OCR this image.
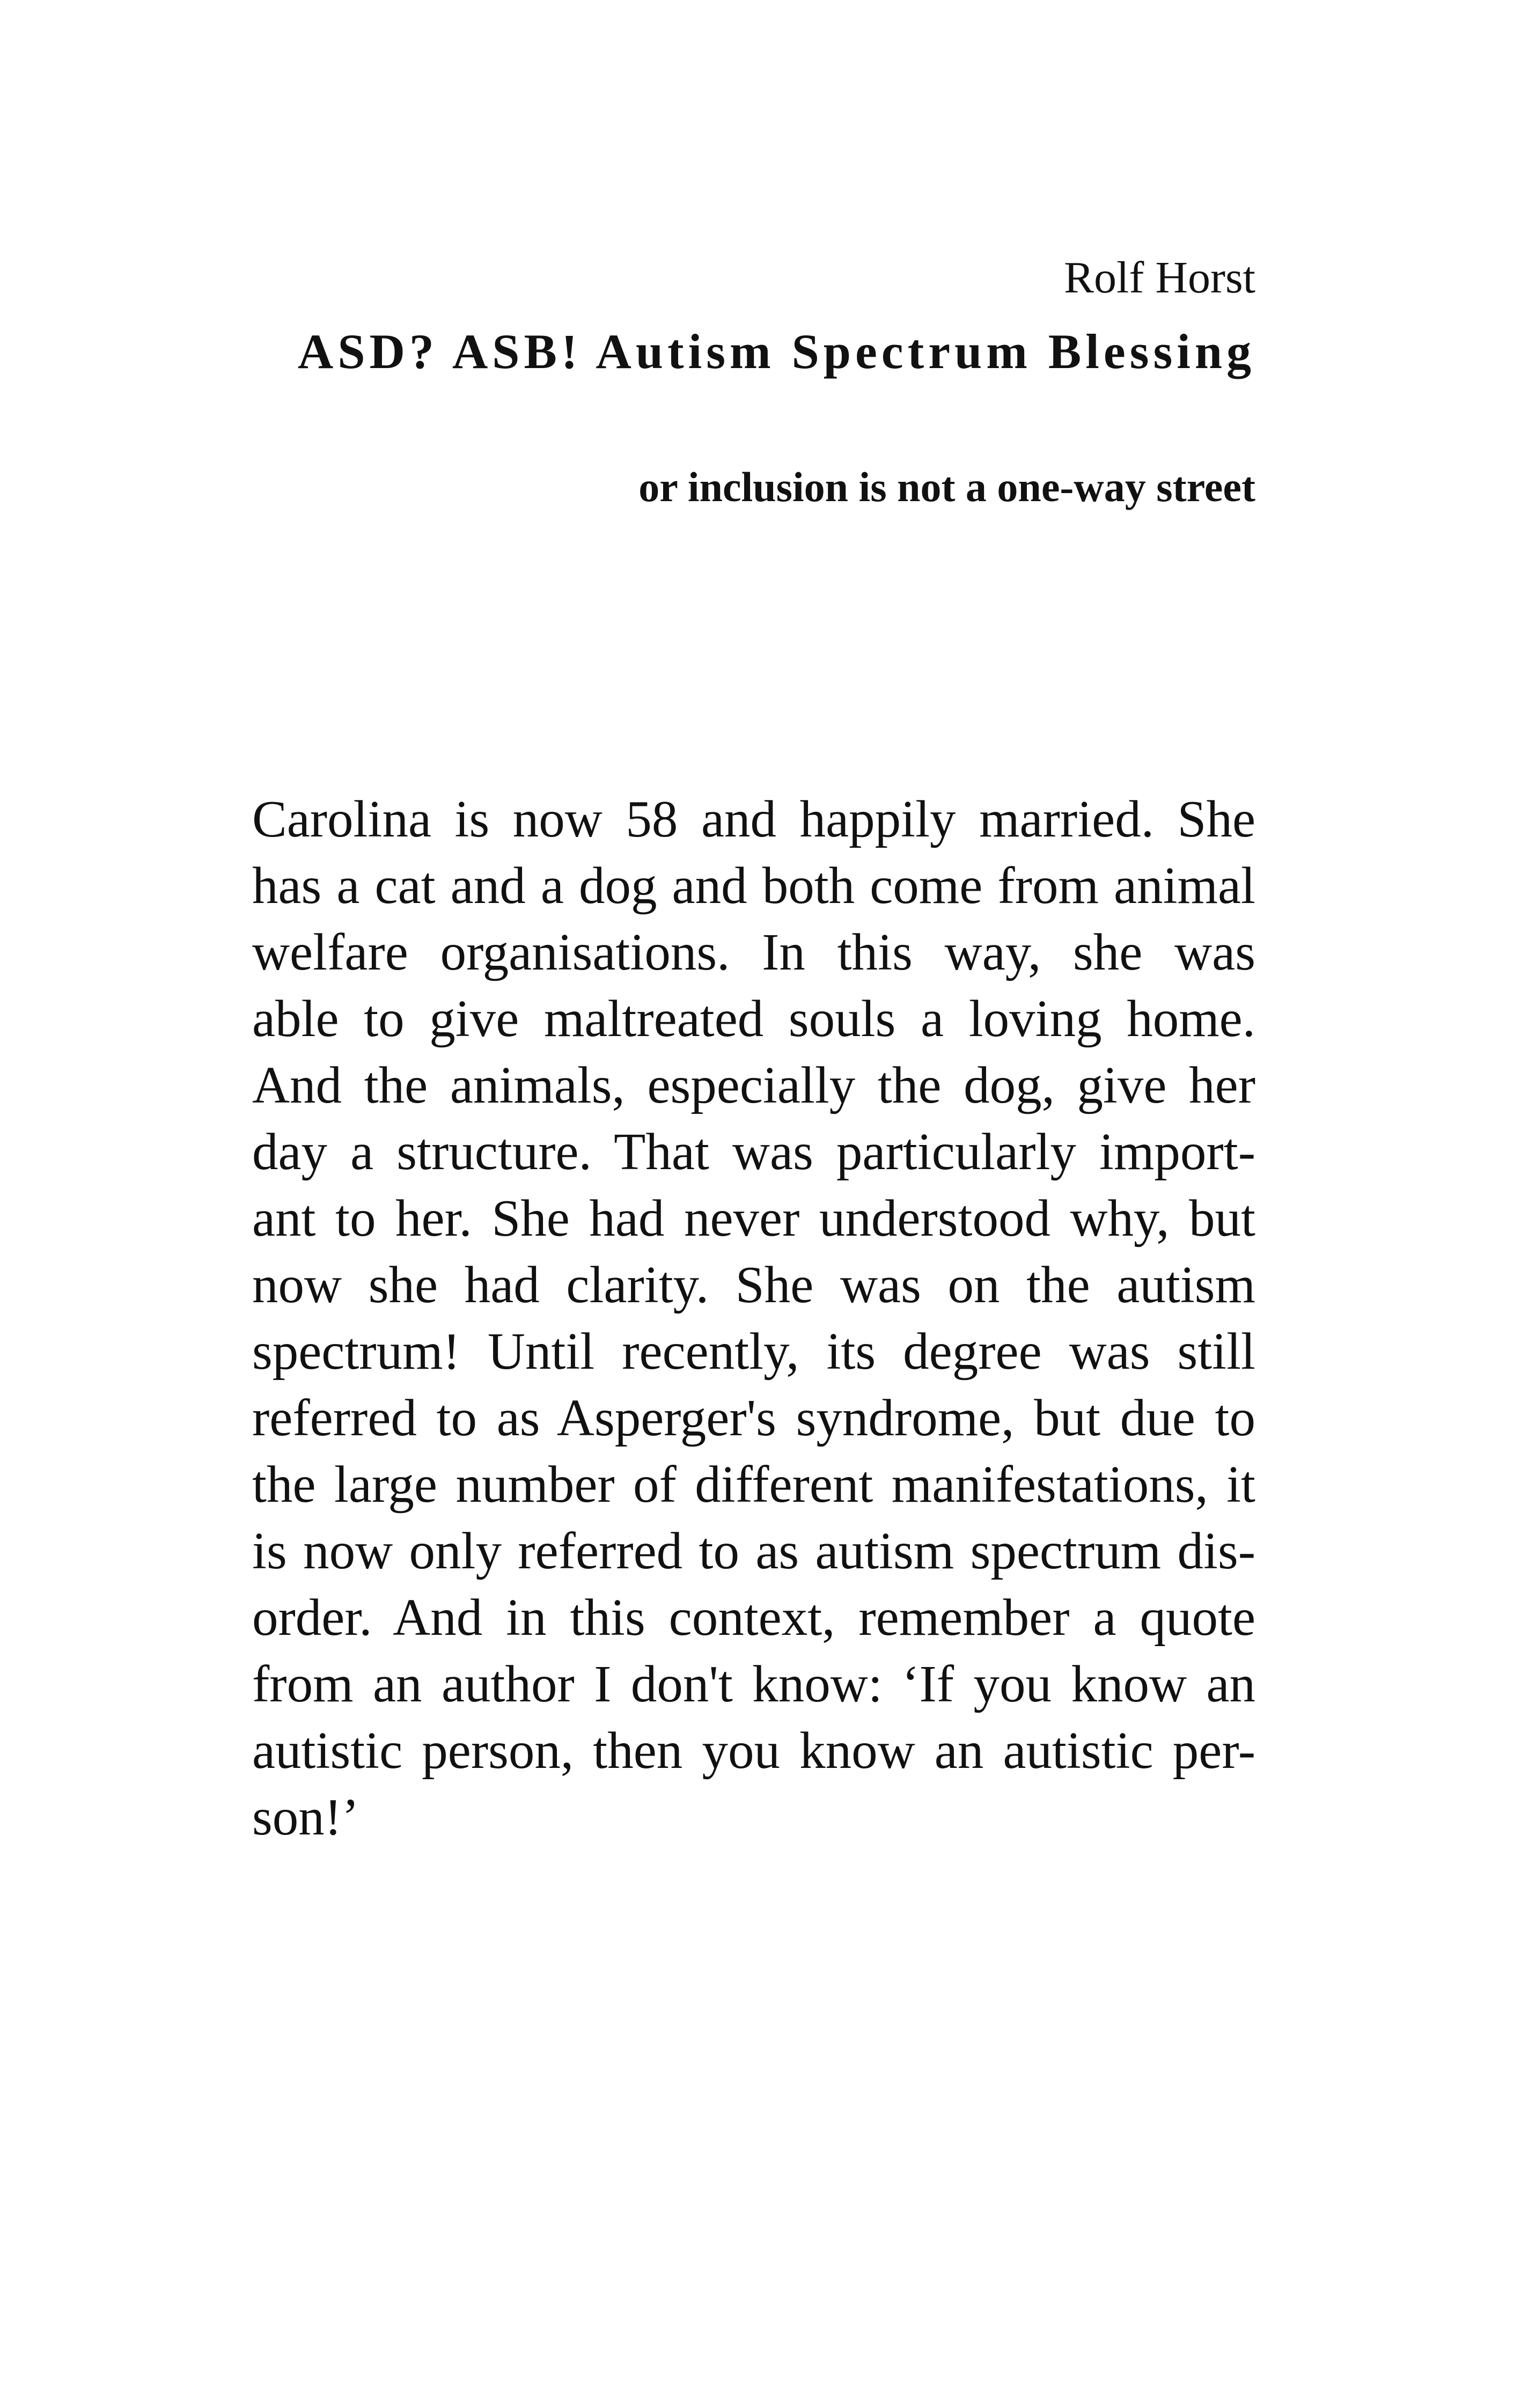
Rolf Horst
ASD? ASB! Autism Spectrum Blessing
or inclusion is not a one-way street
Carolina is now 58 and happily married. She
has a cat and a dog and both come from animal
welfare organisations. In this way, she was
able to give maltreated souls a loving home.
And the animals, especially the dog, give her
day a structure. That was particularly import-
ant to her. She had never understood why, but
now she had clarity. She was on the autism
spectrum! Until recently, its degree was still
referred to as Asperger's syndrome, but due to
the large number of different manifestations, it
is now only referred to as autism spectrum dis-
order. And in this context, remember a quote
from an author I don't know: ‘If you know an
autistic person, then you know an autistic per-
son!’
